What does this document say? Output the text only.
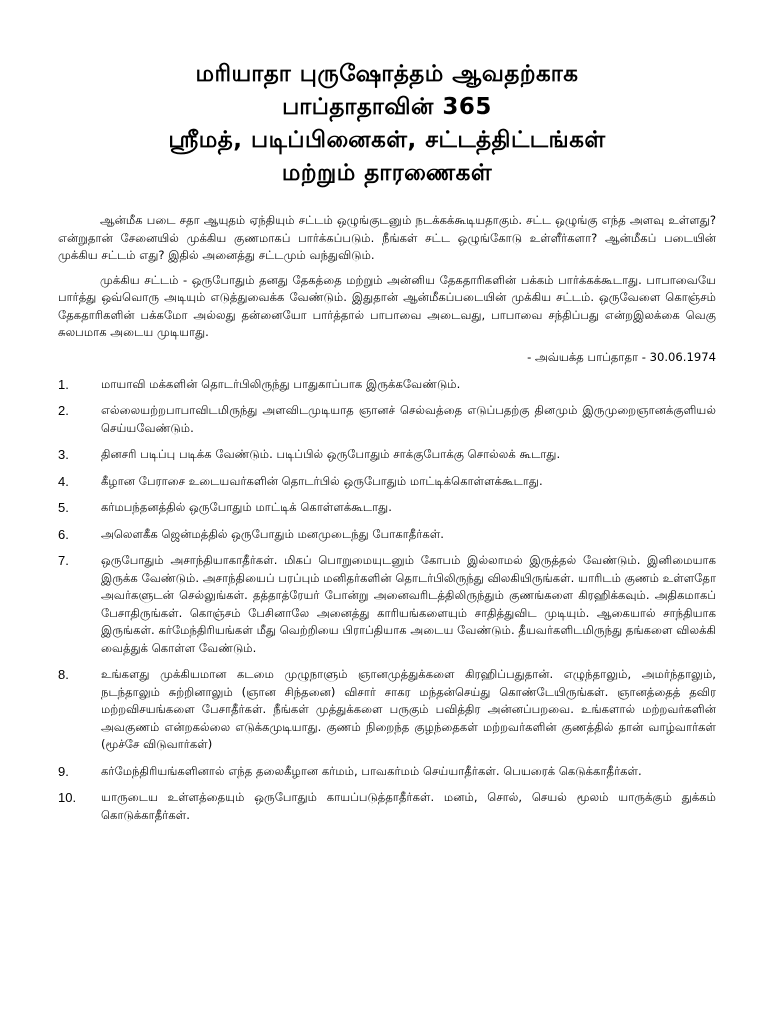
மரியாதா புருஷோத்தம் ஆவதற்காக
பாப்தாதாவின் 365
ஸ்ரீமத், படிப்பினைகள், சட்டத்திட்டங்கள்
மற்றும் தாரணைகள்

ஆன்மீக படை சதா ஆயுதம் ஏந்தியும் சட்டம் ஒழுங்குடனும் நடக்கக்கூடியதாகும். சட்ட ஒழுங்கு எந்த அளவு உள்ளது? என்றுதான் சேனையில் முக்கிய குணமாகப் பார்க்கப்படும். நீங்கள் சட்ட ஒழுங்கோடு உள்ளீர்களா? ஆன்மீகப் படையின் முக்கிய சட்டம் எது? இதில் அனைத்து சட்டமும் வந்துவிடும்.

முக்கிய சட்டம் - ஒருபோதும் தனது தேகத்தை மற்றும் அன்னிய தேகதாரிகளின் பக்கம் பார்க்கக்கூடாது. பாபாவையே பார்த்து ஒவ்வொரு அடியும் எடுத்துவைக்க வேண்டும். இதுதான் ஆன்மீகப்படையின் முக்கிய சட்டம். ஒருவேளை கொஞ்சம் தேகதாரிகளின் பக்கமோ அல்லது தன்னையோ பார்த்தால் பாபாவை அடைவது, பாபாவை சந்திப்பது என்றஇலக்கை வெகு சுலபமாக அடைய முடியாது.

- அவ்யக்த பாப்தாதா - 30.06.1974
1.	மாயாவி மக்களின் தொடர்பிலிருந்து பாதுகாப்பாக இருக்கவேண்டும்.
2.	எல்லையற்றபாபாவிடமிருந்து அளவிடமுடியாத ஞானச் செல்வத்தை எடுப்பதற்கு தினமும் இருமுறைஞானக்குளியல் செய்யவேண்டும்.
3.	தினசரி படிப்பு படிக்க வேண்டும். படிப்பில் ஒருபோதும் சாக்குபோக்கு சொல்லக் கூடாது.
4.	கீழான பேராசை உடையவர்களின் தொடர்பில் ஒருபோதும் மாட்டிக்கொள்ளக்கூடாது.
5.	கர்மபந்தனத்தில் ஒருபோதும் மாட்டிக் கொள்ளக்கூடாது.
6.	அலௌகீக ஜென்மத்தில் ஒருபோதும் மனமுடைந்து போகாதீர்கள்.
7.	ஒருபோதும் அசாந்தியாகாதீர்கள். மிகப் பொறுமையுடனும் கோபம் இல்லாமல் இருத்தல் வேண்டும். இனிமையாக இருக்க வேண்டும். அசாந்தியைப் பரப்பும் மனிதர்களின் தொடர்பிலிருந்து விலகியிருங்கள். யாரிடம் குணம் உள்ளதோ அவர்களுடன் செல்லுங்கள். தத்தாத்ரேயர் போன்று அனைவரிடத்திலிருந்தும் குணங்களை கிரஹிக்கவும். அதிகமாகப் பேசாதிருங்கள். கொஞ்சம் பேசினாலே அனைத்து காரியங்களையும் சாதித்துவிட முடியும். ஆகையால் சாந்தியாக இருங்கள். கர்மேந்திரியங்கள் மீது வெற்றியை பிராப்தியாக அடைய வேண்டும். தீயவர்களிடமிருந்து தங்களை விலக்கி வைத்துக் கொள்ள வேண்டும்.
8.	உங்களது முக்கியமான கடமை முழுநாளும் ஞானமுத்துக்களை கிரஹிப்பதுதான். எழுந்தாலும், அமர்ந்தாலும், நடந்தாலும் சுற்றினாலும் (ஞான சிந்தனை) விசார் சாகர மந்தன்செய்து கொண்டேயிருங்கள். ஞானத்தைத் தவிர மற்றவிசயங்களை பேசாதீர்கள். நீங்கள் முத்துக்களை பருகும் பவித்திர அன்னப்பறவை. உங்களால் மற்றவர்களின் அவகுணம் என்றகல்லை எடுக்கமுடியாது. குணம் நிறைந்த குழந்தைகள் மற்றவர்களின் குணத்தில் தான் வாழ்வார்கள் (மூச்சே விடுவார்கள்)
9.	கர்மேந்திரியங்களினால் எந்த தலைகீழான கர்மம், பாவகர்மம் செய்யாதீர்கள். பெயரைக் கெடுக்காதீர்கள்.
10.	யாருடைய உள்ளத்தையும் ஒருபோதும் காயப்படுத்தாதீர்கள். மனம், சொல், செயல் மூலம் யாருக்கும் துக்கம் கொடுக்காதீர்கள்.
